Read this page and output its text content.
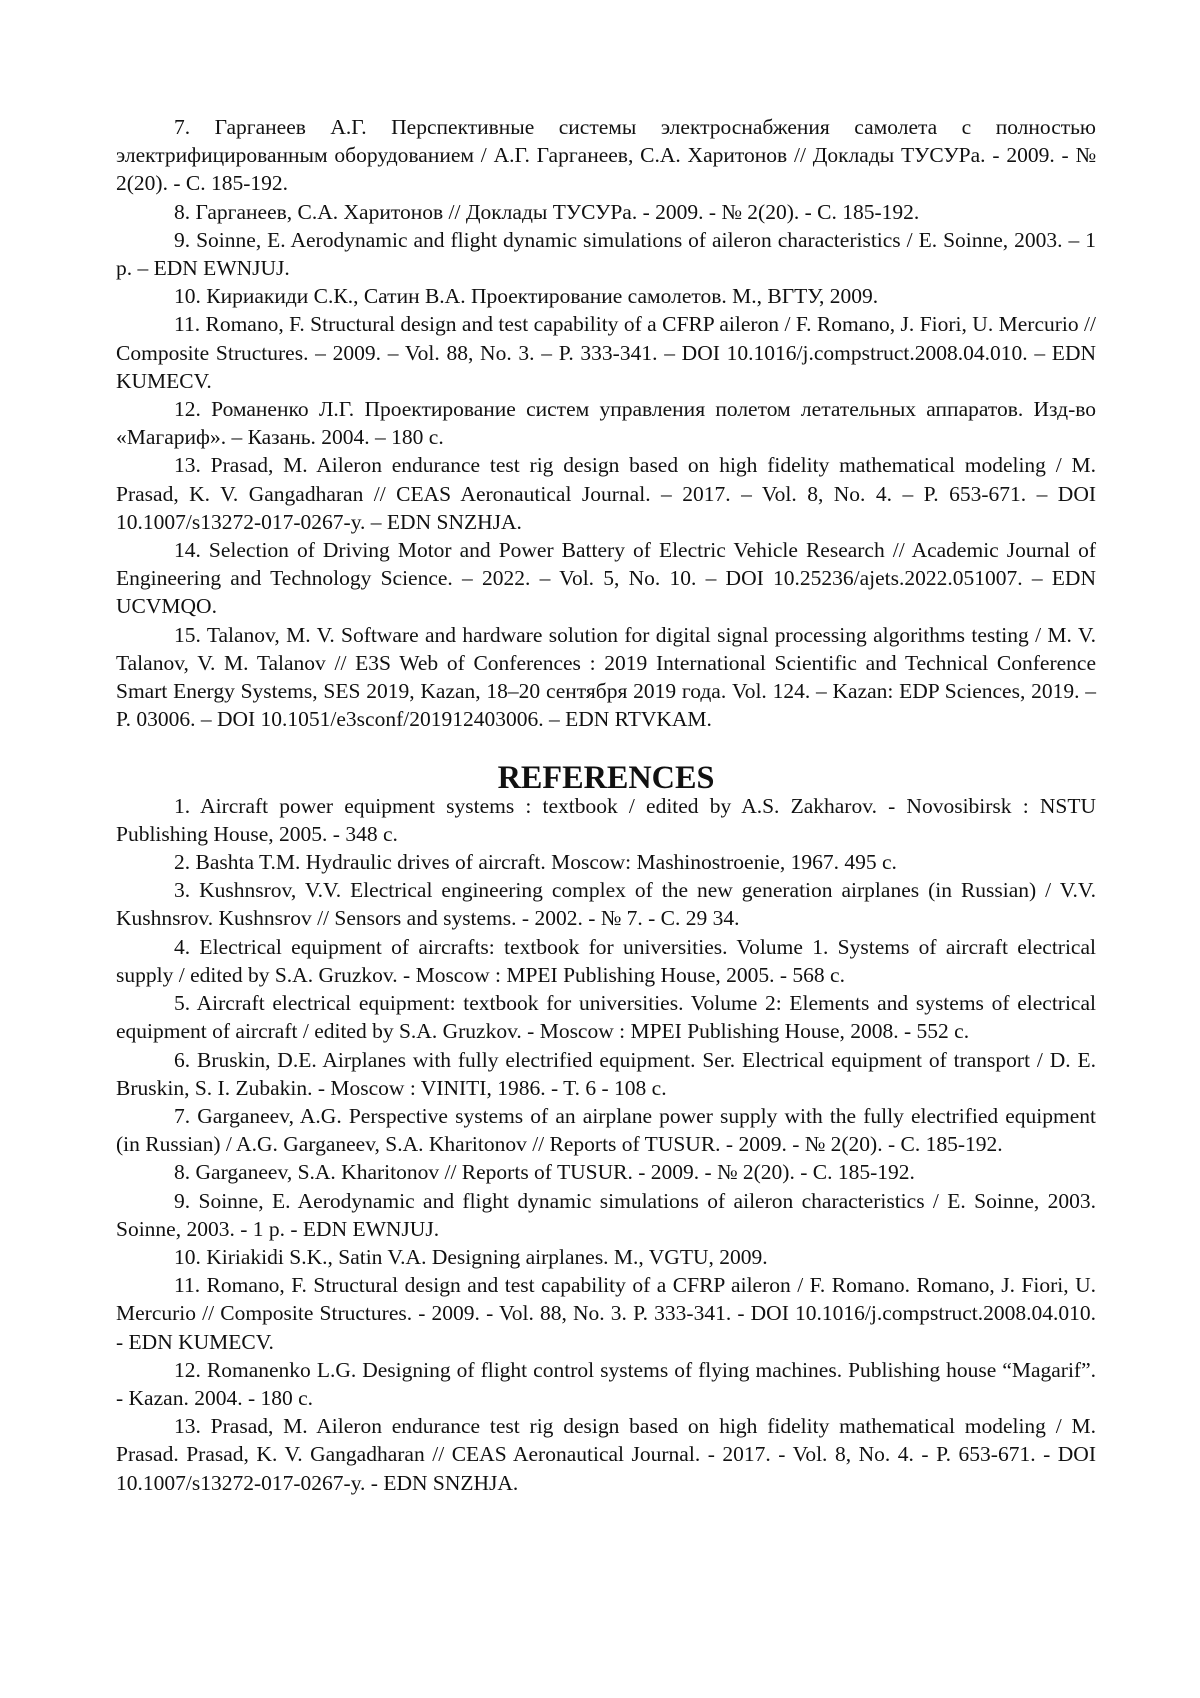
7. Гарганеев А.Г. Перспективные системы электроснабжения самолета с полностью электрифицированным оборудованием / А.Г. Гарганеев, С.А. Харитонов // Доклады ТУСУРа. - 2009. - № 2(20). - С. 185-192.

8. Гарганеев, С.А. Харитонов // Доклады ТУСУРа. - 2009. - № 2(20). - С. 185-192.

9. Soinne, E. Aerodynamic and flight dynamic simulations of aileron characteristics / E. Soinne, 2003. – 1 p. – EDN EWNJUJ.

10. Кириакиди С.К., Сатин В.А. Проектирование самолетов. М., ВГТУ, 2009.

11. Romano, F. Structural design and test capability of a CFRP aileron / F. Romano, J. Fiori, U. Mercurio // Composite Structures. – 2009. – Vol. 88, No. 3. – P. 333-341. – DOI 10.1016/j.compstruct.2008.04.010. – EDN KUMECV.

12. Романенко Л.Г. Проектирование систем управления полетом летательных аппаратов. Изд-во «Магариф». – Казань. 2004. – 180 с.

13. Prasad, M. Aileron endurance test rig design based on high fidelity mathematical modeling / M. Prasad, K. V. Gangadharan // CEAS Aeronautical Journal. – 2017. – Vol. 8, No. 4. – P. 653-671. – DOI 10.1007/s13272-017-0267-y. – EDN SNZHJA.

14. Selection of Driving Motor and Power Battery of Electric Vehicle Research // Academic Journal of Engineering and Technology Science. – 2022. – Vol. 5, No. 10. – DOI 10.25236/ajets.2022.051007. – EDN UCVMQO.

15. Talanov, M. V. Software and hardware solution for digital signal processing algorithms testing / M. V. Talanov, V. M. Talanov // E3S Web of Conferences : 2019 International Scientific and Technical Conference Smart Energy Systems, SES 2019, Kazan, 18–20 сентября 2019 года. Vol. 124. – Kazan: EDP Sciences, 2019. – P. 03006. – DOI 10.1051/e3sconf/201912403006. – EDN RTVKAM.

REFERENCES

1. Aircraft power equipment systems : textbook / edited by A.S. Zakharov. - Novosibirsk : NSTU Publishing House, 2005. - 348 c.

2. Bashta T.M. Hydraulic drives of aircraft. Moscow: Mashinostroenie, 1967. 495 c.

3. Kushnsrov, V.V. Electrical engineering complex of the new generation airplanes (in Russian) / V.V. Kushnsrov. Kushnsrov // Sensors and systems. - 2002. - № 7. - C. 29 34.

4. Electrical equipment of aircrafts: textbook for universities. Volume 1. Systems of aircraft electrical supply / edited by S.A. Gruzkov. - Moscow : MPEI Publishing House, 2005. - 568 c.

5. Aircraft electrical equipment: textbook for universities. Volume 2: Elements and systems of electrical equipment of aircraft / edited by S.A. Gruzkov. - Moscow : MPEI Publishing House, 2008. - 552 c.

6. Bruskin, D.E. Airplanes with fully electrified equipment. Ser. Electrical equipment of transport / D. E. Bruskin, S. I. Zubakin. - Moscow : VINITI, 1986. - T. 6 - 108 c.

7. Garganeev, A.G. Perspective systems of an airplane power supply with the fully electrified equipment (in Russian) / A.G. Garganeev, S.A. Kharitonov // Reports of TUSUR. - 2009. - № 2(20). - C. 185-192.

8. Garganeev, S.A. Kharitonov // Reports of TUSUR. - 2009. - № 2(20). - C. 185-192.

9. Soinne, E. Aerodynamic and flight dynamic simulations of aileron characteristics / E. Soinne, 2003. Soinne, 2003. - 1 p. - EDN EWNJUJ.

10. Kiriakidi S.K., Satin V.A. Designing airplanes. M., VGTU, 2009.

11. Romano, F. Structural design and test capability of a CFRP aileron / F. Romano. Romano, J. Fiori, U. Mercurio // Composite Structures. - 2009. - Vol. 88, No. 3. P. 333-341. - DOI 10.1016/j.compstruct.2008.04.010. - EDN KUMECV.

12. Romanenko L.G. Designing of flight control systems of flying machines. Publishing house “Magarif”. - Kazan. 2004. - 180 c.

13. Prasad, M. Aileron endurance test rig design based on high fidelity mathematical modeling / M. Prasad. Prasad, K. V. Gangadharan // CEAS Aeronautical Journal. - 2017. - Vol. 8, No. 4. - P. 653-671. - DOI 10.1007/s13272-017-0267-y. - EDN SNZHJA.
